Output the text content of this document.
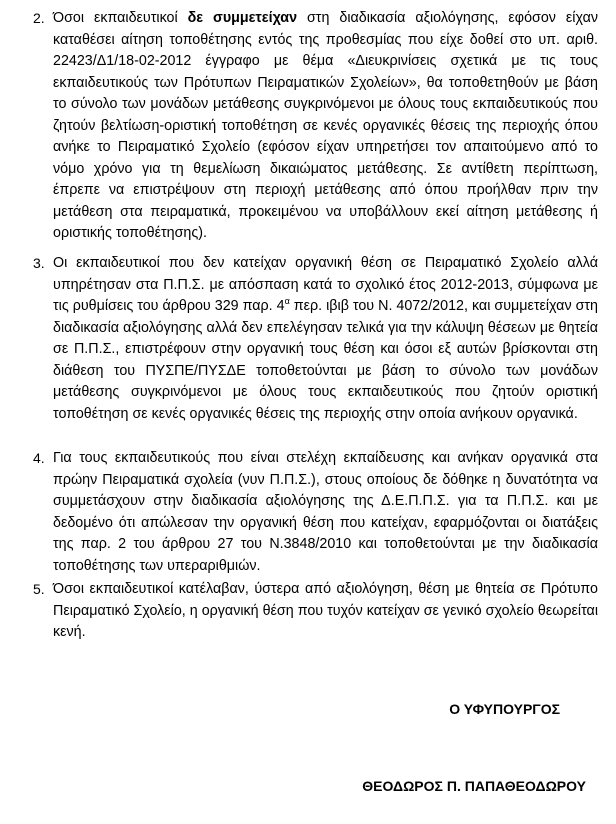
2. Όσοι εκπαιδευτικοί δε συμμετείχαν στη διαδικασία αξιολόγησης, εφόσον είχαν καταθέσει αίτηση τοποθέτησης εντός της προθεσμίας που είχε δοθεί στο υπ. αριθ. 22423/Δ1/18-02-2012 έγγραφο με θέμα «Διευκρινίσεις σχετικά με τις τους εκπαιδευτικούς των Πρότυπων Πειραματικών Σχολείων», θα τοποθετηθούν με βάση το σύνολο των μονάδων μετάθεσης συγκρινόμενοι με όλους τους εκπαιδευτικούς που ζητούν βελτίωση-οριστική τοποθέτηση σε κενές οργανικές θέσεις της περιοχής όπου ανήκε το Πειραματικό Σχολείο (εφόσον είχαν υπηρετήσει τον απαιτούμενο από το νόμο χρόνο για τη θεμελίωση δικαιώματος μετάθεσης. Σε αντίθετη περίπτωση, έπρεπε να επιστρέψουν στη περιοχή μετάθεσης από όπου προήλθαν πριν την μετάθεση στα πειραματικά, προκειμένου να υποβάλλουν εκεί αίτηση μετάθεσης ή οριστικής τοποθέτησης).
3. Οι εκπαιδευτικοί που δεν κατείχαν οργανική θέση σε Πειραματικό Σχολείο αλλά υπηρέτησαν στα Π.Π.Σ. με απόσπαση κατά το σχολικό έτος 2012-2013, σύμφωνα με τις ρυθμίσεις του άρθρου 329 παρ. $4^\alpha$ περ. ιβιβ του Ν. 4072/2012, και συμμετείχαν στη διαδικασία αξιολόγησης αλλά δεν επελέγησαν τελικά για την κάλυψη θέσεων με θητεία σε Π.Π.Σ., επιστρέφουν στην οργανική τους θέση και όσοι εξ αυτών βρίσκονται στη διάθεση του ΠΥΣΠΕ/ΠΥΣΔΕ τοποθετούνται με βάση το σύνολο των μονάδων μετάθεσης συγκρινόμενοι με όλους τους εκπαιδευτικούς που ζητούν οριστική τοποθέτηση σε κενές οργανικές θέσεις της περιοχής στην οποία ανήκουν οργανικά.
4. Για τους εκπαιδευτικούς που είναι στελέχη εκπαίδευσης και ανήκαν οργανικά στα πρώην Πειραματικά σχολεία (νυν Π.Π.Σ.), στους οποίους δε δόθηκε η δυνατότητα να συμμετάσχουν στην διαδικασία αξιολόγησης της Δ.Ε.Π.Π.Σ. για τα Π.Π.Σ. και με δεδομένο ότι απώλεσαν την οργανική θέση που κατείχαν, εφαρμόζονται οι διατάξεις της παρ. 2 του άρθρου 27 του Ν.3848/2010 και τοποθετούνται με την διαδικασία τοποθέτησης των υπεραριθμιών.
5. Όσοι εκπαιδευτικοί κατέλαβαν, ύστερα από αξιολόγηση, θέση με θητεία σε Πρότυπο Πειραματικό Σχολείο, η οργανική θέση που τυχόν κατείχαν σε γενικό σχολείο θεωρείται κενή.
Ο ΥΦΥΠΟΥΡΓΟΣ
ΘΕΟΔΩΡΟΣ Π. ΠΑΠΑΘΕΟΔΩΡΟΥ
